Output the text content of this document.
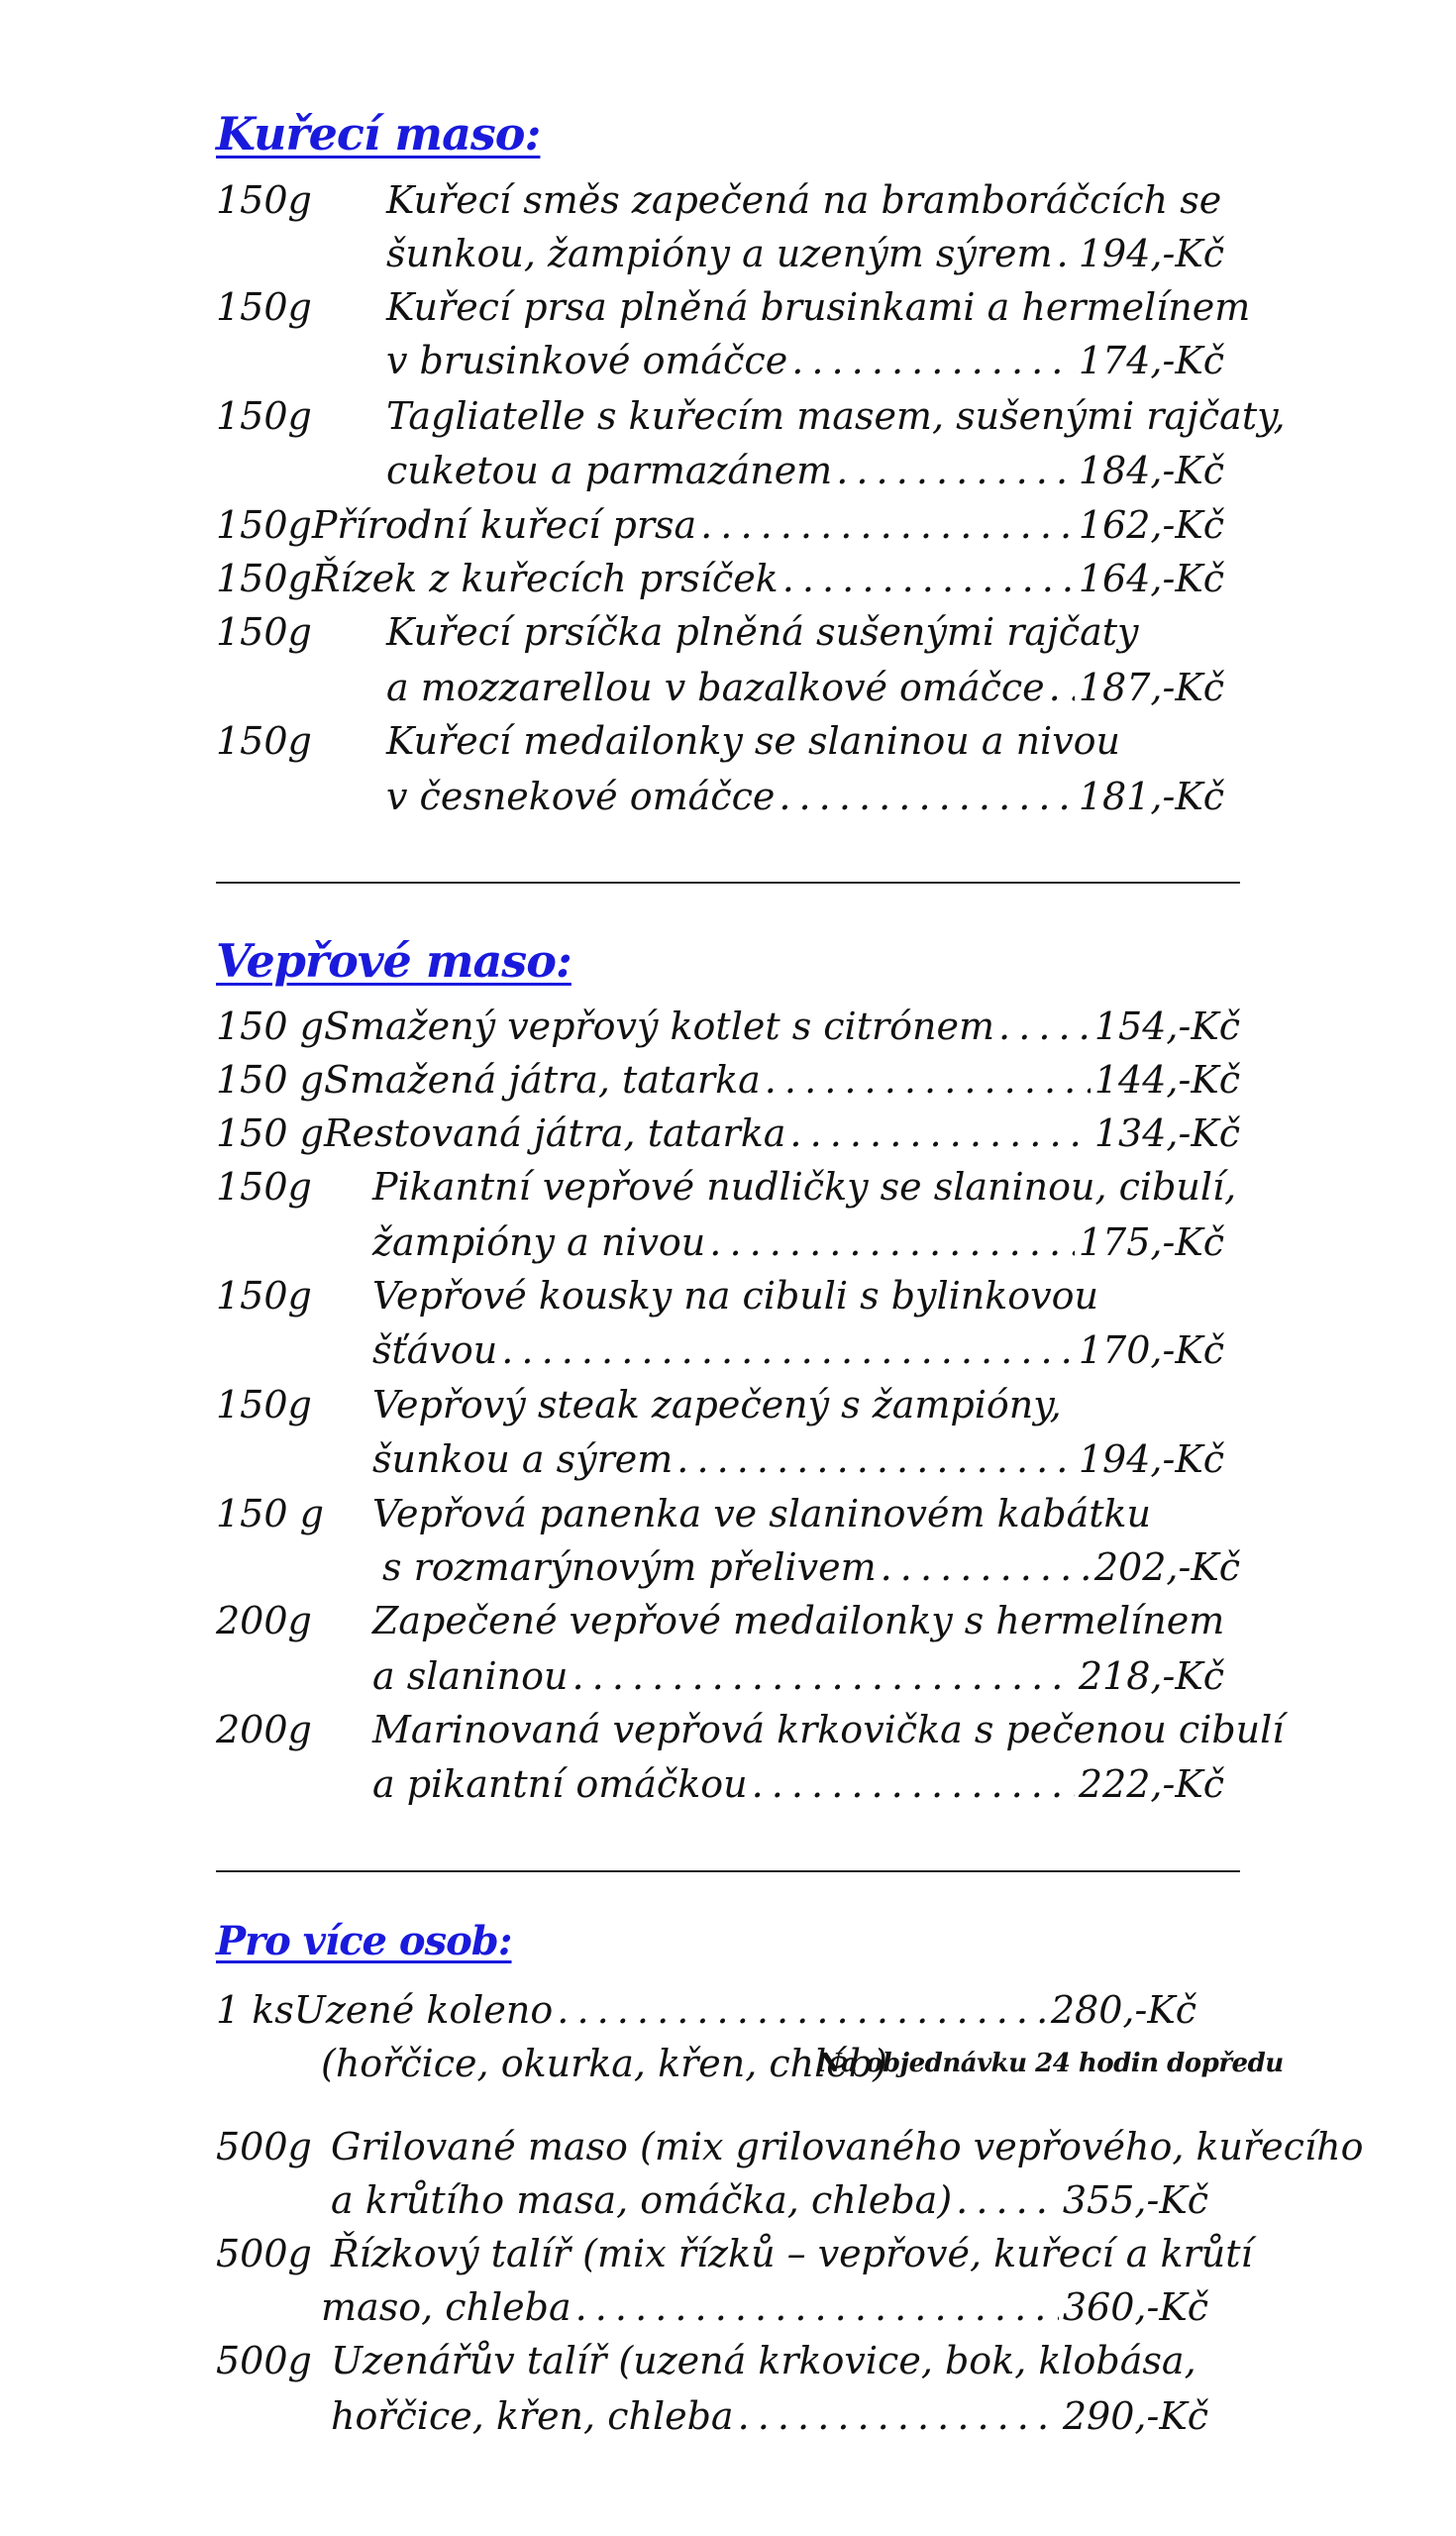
Kuřecí maso:
150g Kuřecí směs zapečená na bramboráčcích se
šunkou, žampióny a uzeným sýrem . . . 194,-Kč
150g Kuřecí prsa plněná brusinkami a hermelínem
v brusinkové omáčce . . .	174,-Kč
150g Tagliatelle s kuřecím masem, sušenými rajčaty,
cuketou a parmazánem . . .	184,-Kč
150g Přírodní kuřecí prsa . . .	162,-Kč
150g Řízek z kuřecích prsíček . . .	164,-Kč
150g Kuřecí prsíčka plněná sušenými rajčaty
a mozzarellou v bazalkové omáčce . . . 187,-Kč
150g Kuřecí medailonky se slaninou a nivou
v česnekové omáčce . . .	181,-Kč
Vepřové maso:
150 g Smažený vepřový kotlet s citrónem . . .	154,-Kč
150 g Smažená játra, tatarka . . .	144,-Kč
150 g Restovaná játra, tatarka . . .	134,-Kč
150g Pikantní vepřové nudličky se slaninou, cibulí,
žampióny a nivou . . .	175,-Kč
150g Vepřové kousky na cibuli s bylinkovou
šťávou . . .	170,-Kč
150g Vepřový steak zapečený s žampióny,
šunkou a sýrem . . .	194,-Kč
150 g Vepřová panenka ve slaninovém kabátku
s rozmarýnovým přelivem . . .	202,-Kč
200g Zapečené vepřové medailonky s hermelínem
a slaninou . . .	218,-Kč
200g Marinovaná vepřová krkovička s pečenou cibulí
a pikantní omáčkou . . .	222,-Kč
Pro více osob:
1 ks Uzené koleno . . .	280,-Kč
(hořčice, okurka, křen, chléb)
Na objednávku 24 hodin dopředu
500g Grilované maso (mix grilovaného vepřového, kuřecího
a krůtího masa, omáčka, chleba) . . .	355,-Kč
500g Řízkový talíř (mix řízků – vepřové, kuřecí a krůtí
maso, chleba . . .	360,-Kč
500g Uzenářův talíř (uzená krkovice, bok, klobása,
hořčice, křen, chleba . . .	290,-Kč
